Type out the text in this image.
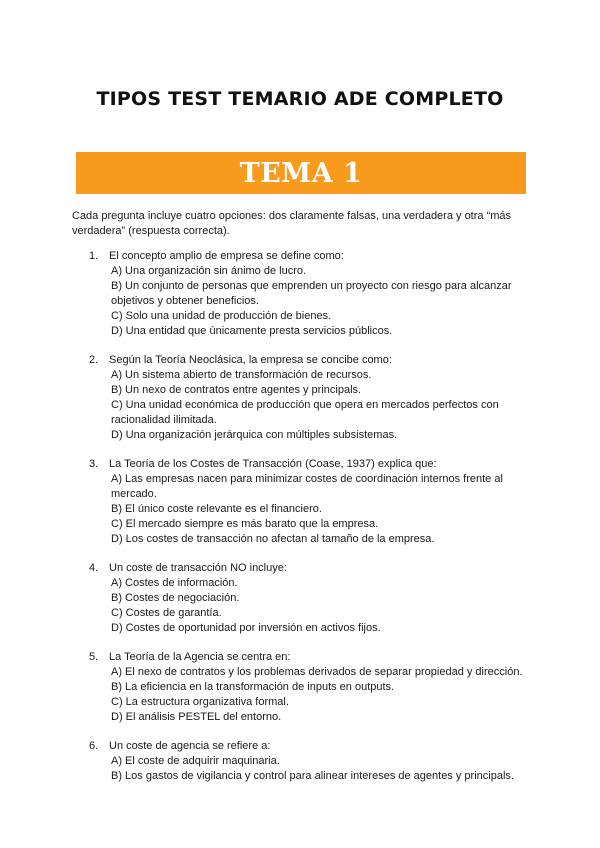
TIPOS TEST TEMARIO ADE COMPLETO
TEMA 1

Cada pregunta incluye cuatro opciones: dos claramente falsas, una verdadera y otra “más verdadera” (respuesta correcta).

1. El concepto amplio de empresa se define como:
A) Una organización sin ánimo de lucro.
B) Un conjunto de personas que emprenden un proyecto con riesgo para alcanzar objetivos y obtener beneficios.
C) Solo una unidad de producción de bienes.
D) Una entidad que únicamente presta servicios públicos.
2. Según la Teoría Neoclásica, la empresa se concibe como:
A) Un sistema abierto de transformación de recursos.
B) Un nexo de contratos entre agentes y principals.
C) Una unidad económica de producción que opera en mercados perfectos con racionalidad ilimitada.
D) Una organización jerárquica con múltiples subsistemas.
3. La Teoría de los Costes de Transacción (Coase, 1937) explica que:
A) Las empresas nacen para minimizar costes de coordinación internos frente al mercado.
B) El único coste relevante es el financiero.
C) El mercado siempre es más barato que la empresa.
D) Los costes de transacción no afectan al tamaño de la empresa.
4. Un coste de transacción NO incluye:
A) Costes de información.
B) Costes de negociación.
C) Costes de garantía.
D) Costes de oportunidad por inversión en activos fijos.
5. La Teoría de la Agencia se centra en:
A) El nexo de contratos y los problemas derivados de separar propiedad y dirección.
B) La eficiencia en la transformación de inputs en outputs.
C) La estructura organizativa formal.
D) El análisis PESTEL del entorno.
6. Un coste de agencia se refiere a:
A) El coste de adquirir maquinaria.
B) Los gastos de vigilancia y control para alinear intereses de agentes y principals.
